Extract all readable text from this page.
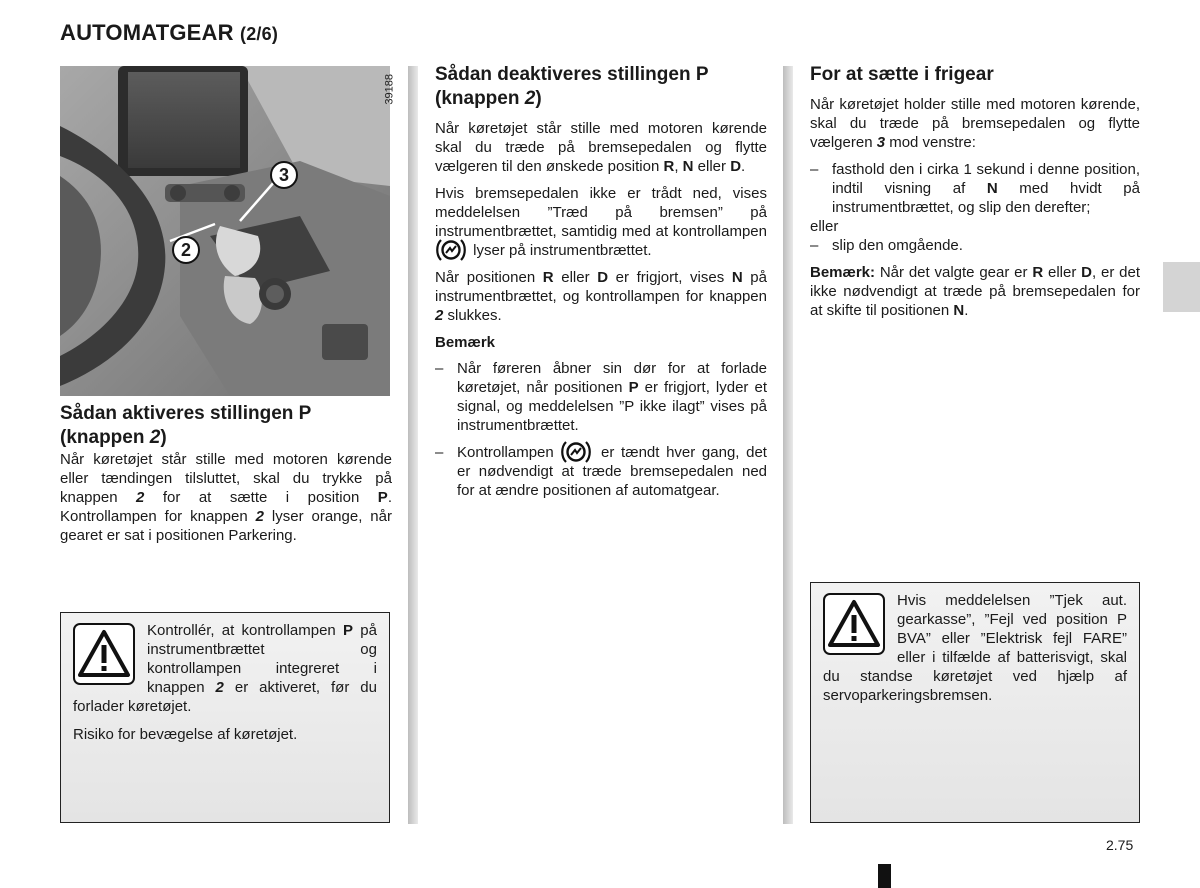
AUTOMATGEAR (2/6)
39188
2
3
Sådan aktiveres stillingen P
(knappen 2)

Når køretøjet står stille med motoren kørende eller tændingen tilsluttet, skal du trykke på knappen 2 for at sætte i position P. Kontrollampen for knappen 2 lyser orange, når gearet er sat i positionen Parkering.

Kontrollér, at kontrollampen P på instrumentbrættet og kontrollampen integreret i knappen 2 er aktiveret, før du forlader køretøjet.

Risiko for bevægelse af køretøjet.

Sådan deaktiveres stillingen P
(knappen 2)

Når køretøjet står stille med motoren kørende skal du træde på bremsepedalen og flytte vælgeren til den ønskede position R, N eller D.

Hvis bremsepedalen ikke er trådt ned, vises meddelelsen ”Træd på bremsen” på instrumentbrættet, samtidig med at kontrollampen  lyser på instrumentbrættet.

Når positionen R eller D er frigjort, vises N på instrumentbrættet, og kontrollampen for knappen 2 slukkes.

Bemærk

– Når føreren åbner sin dør for at forlade køretøjet, når positionen P er frigjort, lyder et signal, og meddelelsen ”P ikke ilagt” vises på instrumentbrættet.
– Kontrollampen  er tændt hver gang, det er nødvendigt at træde bremsepedalen ned for at ændre positionen af automatgear.
For at sætte i frigear

Når køretøjet holder stille med motoren kørende, skal du træde på bremsepedalen og flytte vælgeren 3 mod venstre:

– fasthold den i cirka 1 sekund i denne position, indtil visning af N med hvidt på instrumentbrættet, og slip den derefter;

eller

– slip den omgående.

Bemærk: Når det valgte gear er R eller D, er det ikke nødvendigt at træde på bremsepedalen for at skifte til positionen N.

Hvis meddelelsen ”Tjek aut. gearkasse”, ”Fejl ved position P BVA” eller ”Elektrisk fejl FARE” eller i tilfælde af batterisvigt, skal du standse køretøjet ved hjælp af servoparkeringsbremsen.

2.75
